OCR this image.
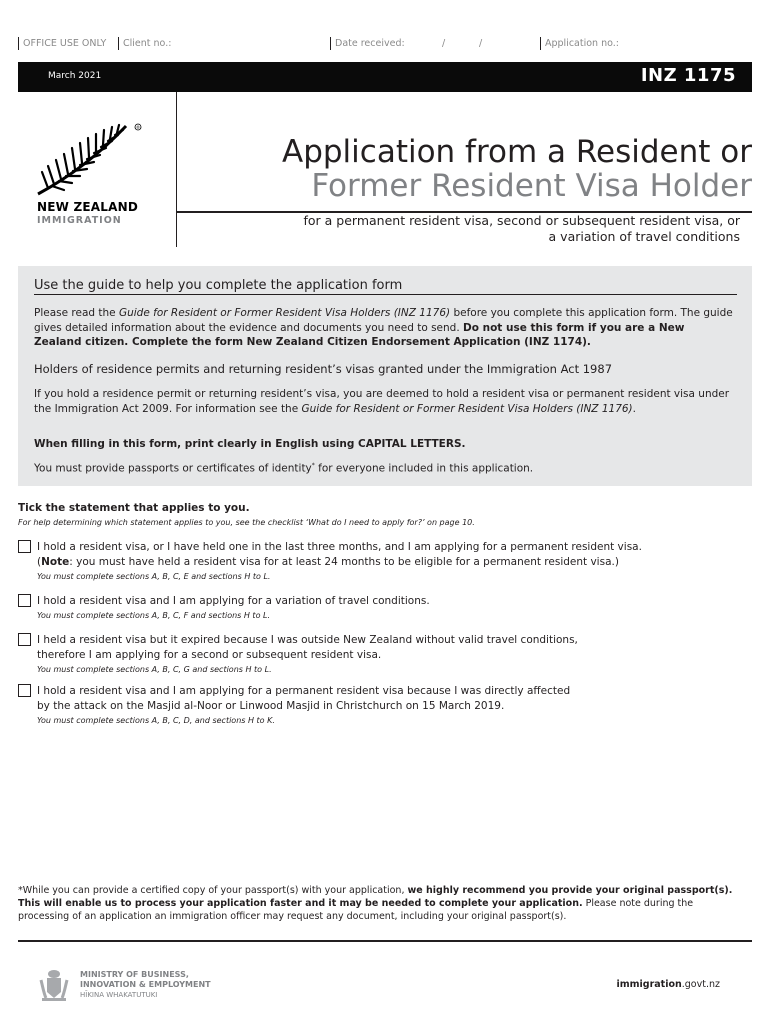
OFFICE USE ONLY	Client no.:	Date received:	/	/	Application no.:
March 2021	INZ 1175
®
NEW ZEALAND
IMMIGRATION
Application from a Resident or
Former Resident Visa Holder
for a permanent resident visa, second or subsequent resident visa, or a variation of travel conditions
Use the guide to help you complete the application form
Please read the Guide for Resident or Former Resident Visa Holders (INZ 1176) before you complete this application form. The guide gives detailed information about the evidence and documents you need to send. Do not use this form if you are a New Zealand citizen. Complete the form New Zealand Citizen Endorsement Application (INZ 1174).
Holders of residence permits and returning resident’s visas granted under the Immigration Act 1987
If you hold a residence permit or returning resident’s visa, you are deemed to hold a resident visa or permanent resident visa under the Immigration Act 2009. For information see the Guide for Resident or Former Resident Visa Holders (INZ 1176).
When filling in this form, print clearly in English using CAPITAL LETTERS.
You must provide passports or certificates of identity* for everyone included in this application.
Tick the statement that applies to you.
For help determining which statement applies to you, see the checklist ‘What do I need to apply for?’ on page 10.
I hold a resident visa, or I have held one in the last three months, and I am applying for a permanent resident visa.
(Note: you must have held a resident visa for at least 24 months to be eligible for a permanent resident visa.)
You must complete sections A, B, C, E and sections H to L.
I hold a resident visa and I am applying for a variation of travel conditions.
You must complete sections A, B, C, F and sections H to L.
I held a resident visa but it expired because I was outside New Zealand without valid travel conditions,
therefore I am applying for a second or subsequent resident visa.
You must complete sections A, B, C, G and sections H to L.
I hold a resident visa and I am applying for a permanent resident visa because I was directly affected
by the attack on the Masjid al-Noor or Linwood Masjid in Christchurch on 15 March 2019.
You must complete sections A, B, C, D, and sections H to K.
*While you can provide a certified copy of your passport(s) with your application, we highly recommend you provide your original passport(s). This will enable us to process your application faster and it may be needed to complete your application. Please note during the processing of an application an immigration officer may request any document, including your original passport(s).
MINISTRY OF BUSINESS,
INNOVATION & EMPLOYMENT
HĪKINA WHAKATUTUKI
immigration.govt.nz
